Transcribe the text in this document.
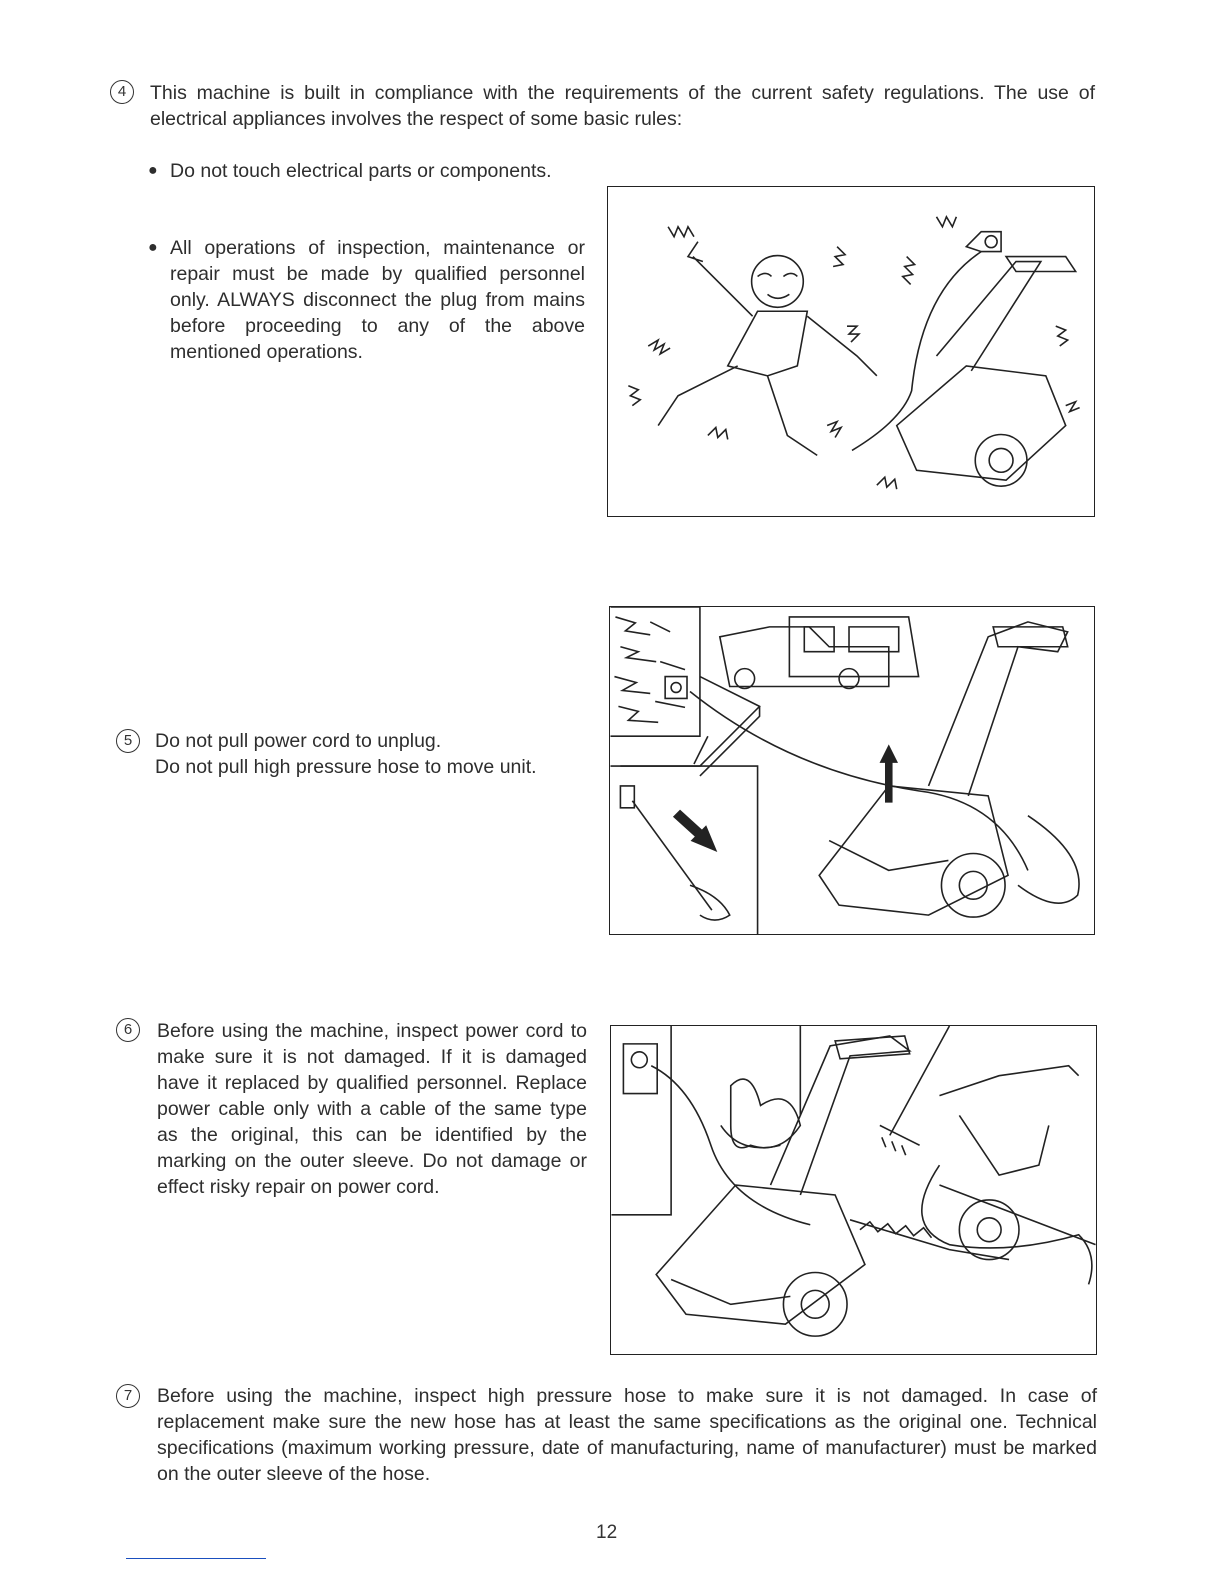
4	This machine is built in compliance with the requirements of the current safety regulations. The use of electrical appliances involves the respect of some basic rules:
● Do not touch electrical parts or components.
● All operations of inspection, maintenance or repair must be made by qualified personnel only. ALWAYS disconnect the plug from mains before proceeding to any of the above mentioned operations.
5	Do not pull power cord to unplug.
Do not pull high pressure hose to move unit.
6	Before using the machine, inspect power cord to make sure it is not damaged. If it is damaged have it replaced by qualified personnel. Replace power cable only with a cable of the same type as the original, this can be identified by the marking on the outer sleeve. Do not damage or effect risky repair on power cord.
7	Before using the machine, inspect high pressure hose to make sure it is not damaged. In case of replacement make sure the new hose has at least the same specifications as the original one. Technical specifications (maximum working pressure, date of manufacturing, name of manufacturer) must be marked on the outer sleeve of the hose.
12
